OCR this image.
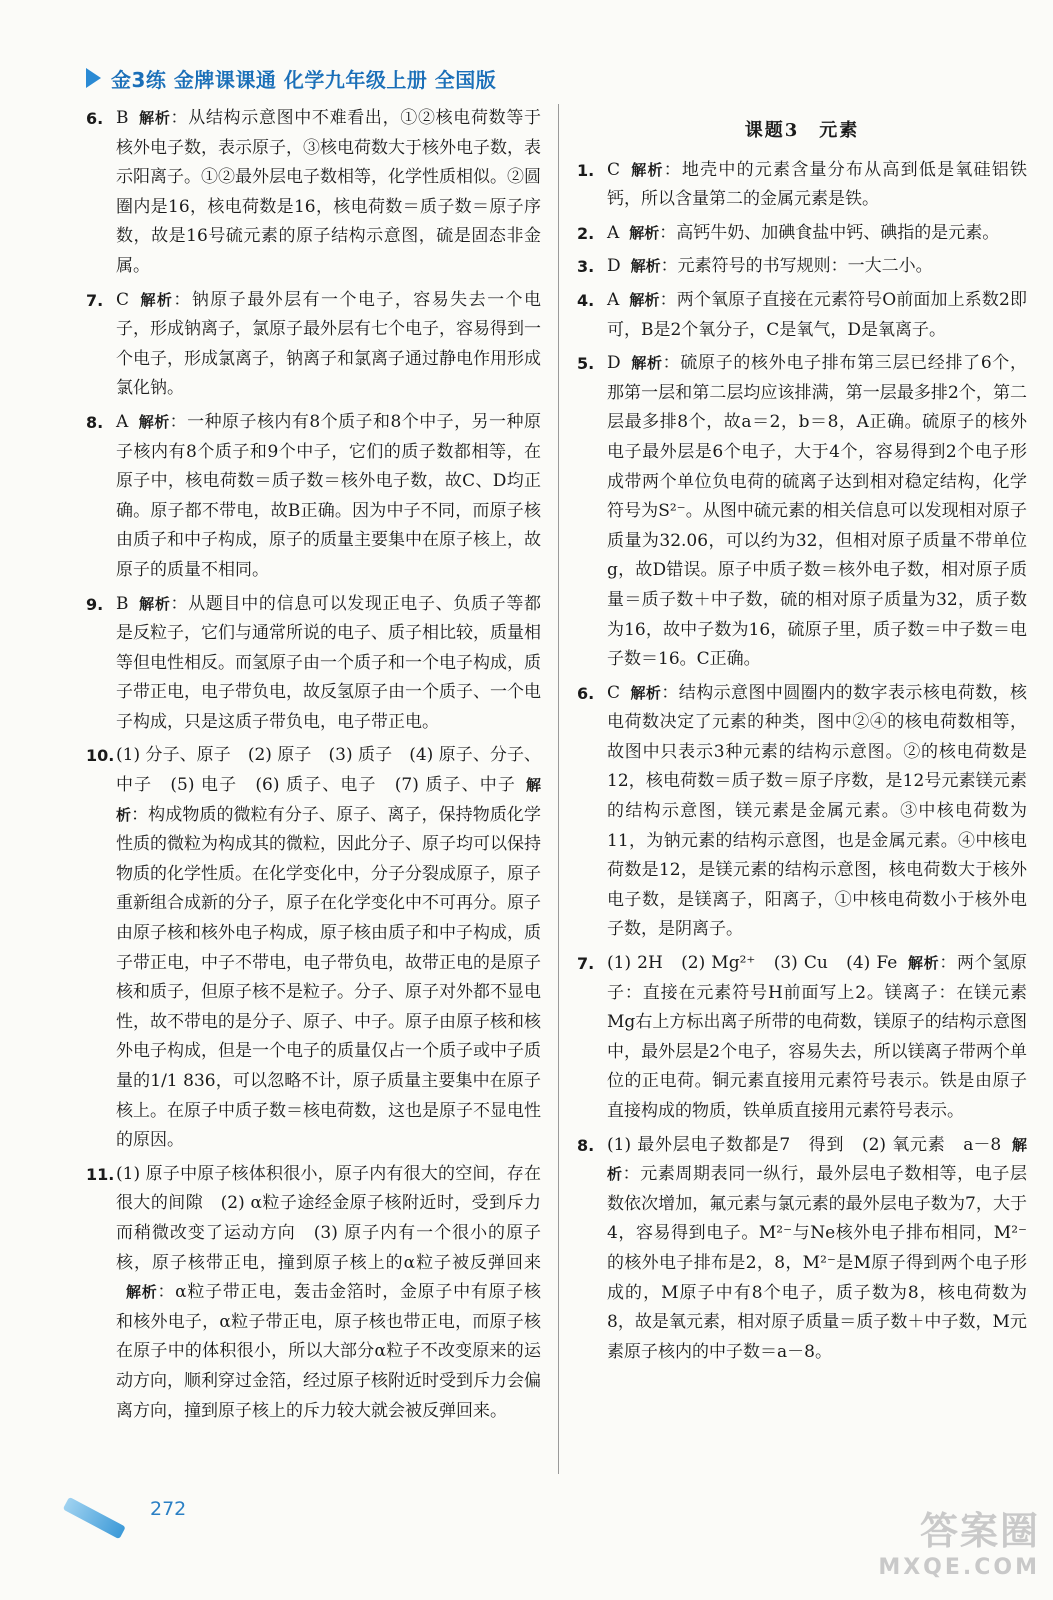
金3练 金牌课课通 化学九年级上册 全国版
6. B 解析：从结构示意图中不难看出，①②核电荷数等于核外电子数，表示原子，③核电荷数大于核外电子数，表示阳离子。①②最外层电子数相等，化学性质相似。②圆圈内是16，核电荷数是16，核电荷数＝质子数＝原子序数，故是16号硫元素的原子结构示意图，硫是固态非金属。
7. C 解析：钠原子最外层有一个电子，容易失去一个电子，形成钠离子，氯原子最外层有七个电子，容易得到一个电子，形成氯离子，钠离子和氯离子通过静电作用形成氯化钠。
8. A 解析：一种原子核内有8个质子和8个中子，另一种原子核内有8个质子和9个中子，它们的质子数都相等，在原子中，核电荷数＝质子数＝核外电子数，故C、D均正确。原子都不带电，故B正确。因为中子不同，而原子核由质子和中子构成，原子的质量主要集中在原子核上，故原子的质量不相同。
9. B 解析：从题目中的信息可以发现正电子、负质子等都是反粒子，它们与通常所说的电子、质子相比较，质量相等但电性相反。而氢原子由一个质子和一个电子构成，质子带正电，电子带负电，故反氢原子由一个质子、一个电子构成，只是这质子带负电，电子带正电。
10. (1) 分子、原子　(2) 原子　(3) 质子　(4) 原子、分子、中子　(5) 电子　(6) 质子、电子　(7) 质子、中子 解析：构成物质的微粒有分子、原子、离子，保持物质化学性质的微粒为构成其的微粒，因此分子、原子均可以保持物质的化学性质。在化学变化中，分子分裂成原子，原子重新组合成新的分子，原子在化学变化中不可再分。原子由原子核和核外电子构成，原子核由质子和中子构成，质子带正电，中子不带电，电子带负电，故带正电的是原子核和质子，但原子核不是粒子。分子、原子对外都不显电性，故不带电的是分子、原子、中子。原子由原子核和核外电子构成，但是一个电子的质量仅占一个质子或中子质量的1/1 836，可以忽略不计，原子质量主要集中在原子核上。在原子中质子数＝核电荷数，这也是原子不显电性的原因。
11. (1) 原子中原子核体积很小，原子内有很大的空间，存在很大的间隙　(2) α粒子途经金原子核附近时，受到斥力而稍微改变了运动方向　(3) 原子内有一个很小的原子核，原子核带正电，撞到原子核上的α粒子被反弹回来解析：α粒子带正电，轰击金箔时，金原子中有原子核和核外电子，α粒子带正电，原子核也带正电，而原子核在原子中的体积很小，所以大部分α粒子不改变原来的运动方向，顺利穿过金箔，经过原子核附近时受到斥力会偏离方向，撞到原子核上的斥力较大就会被反弹回来。
课题3　元素
1. C 解析：地壳中的元素含量分布从高到低是氧硅铝铁钙，所以含量第二的金属元素是铁。
2. A 解析：高钙牛奶、加碘食盐中钙、碘指的是元素。
3. D 解析：元素符号的书写规则：一大二小。
4. A 解析：两个氧原子直接在元素符号O前面加上系数2即可，B是2个氧分子，C是氧气，D是氧离子。
5. D 解析：硫原子的核外电子排布第三层已经排了6个，那第一层和第二层均应该排满，第一层最多排2个，第二层最多排8个，故a＝2，b＝8，A正确。硫原子的核外电子最外层是6个电子，大于4个，容易得到2个电子形成带两个单位负电荷的硫离子达到相对稳定结构，化学符号为S²⁻。从图中硫元素的相关信息可以发现相对原子质量为32.06，可以约为32，但相对原子质量不带单位g，故D错误。原子中质子数＝核外电子数，相对原子质量＝质子数＋中子数，硫的相对原子质量为32，质子数为16，故中子数为16，硫原子里，质子数＝中子数＝电子数＝16。C正确。
6. C 解析：结构示意图中圆圈内的数字表示核电荷数，核电荷数决定了元素的种类，图中②④的核电荷数相等，故图中只表示3种元素的结构示意图。②的核电荷数是12，核电荷数＝质子数＝原子序数，是12号元素镁元素的结构示意图，镁元素是金属元素。③中核电荷数为11，为钠元素的结构示意图，也是金属元素。④中核电荷数是12，是镁元素的结构示意图，核电荷数大于核外电子数，是镁离子，阳离子，①中核电荷数小于核外电子数，是阴离子。
7. (1) 2H　(2) Mg²⁺　(3) Cu　(4) Fe 解析：两个氢原子：直接在元素符号H前面写上2。镁离子：在镁元素Mg右上方标出离子所带的电荷数，镁原子的结构示意图中，最外层是2个电子，容易失去，所以镁离子带两个单位的正电荷。铜元素直接用元素符号表示。铁是由原子直接构成的物质，铁单质直接用元素符号表示。
8. (1) 最外层电子数都是7　得到　(2) 氧元素　a－8 解析：元素周期表同一纵行，最外层电子数相等，电子层数依次增加，氟元素与氯元素的最外层电子数为7，大于4，容易得到电子。M²⁻与Ne核外电子排布相同，M²⁻的核外电子排布是2，8，M²⁻是M原子得到两个电子形成的，M原子中有8个电子，质子数为8，核电荷数为8，故是氧元素，相对原子质量＝质子数＋中子数，M元素原子核内的中子数＝a－8。
272	答案圈
MXQE.COM
